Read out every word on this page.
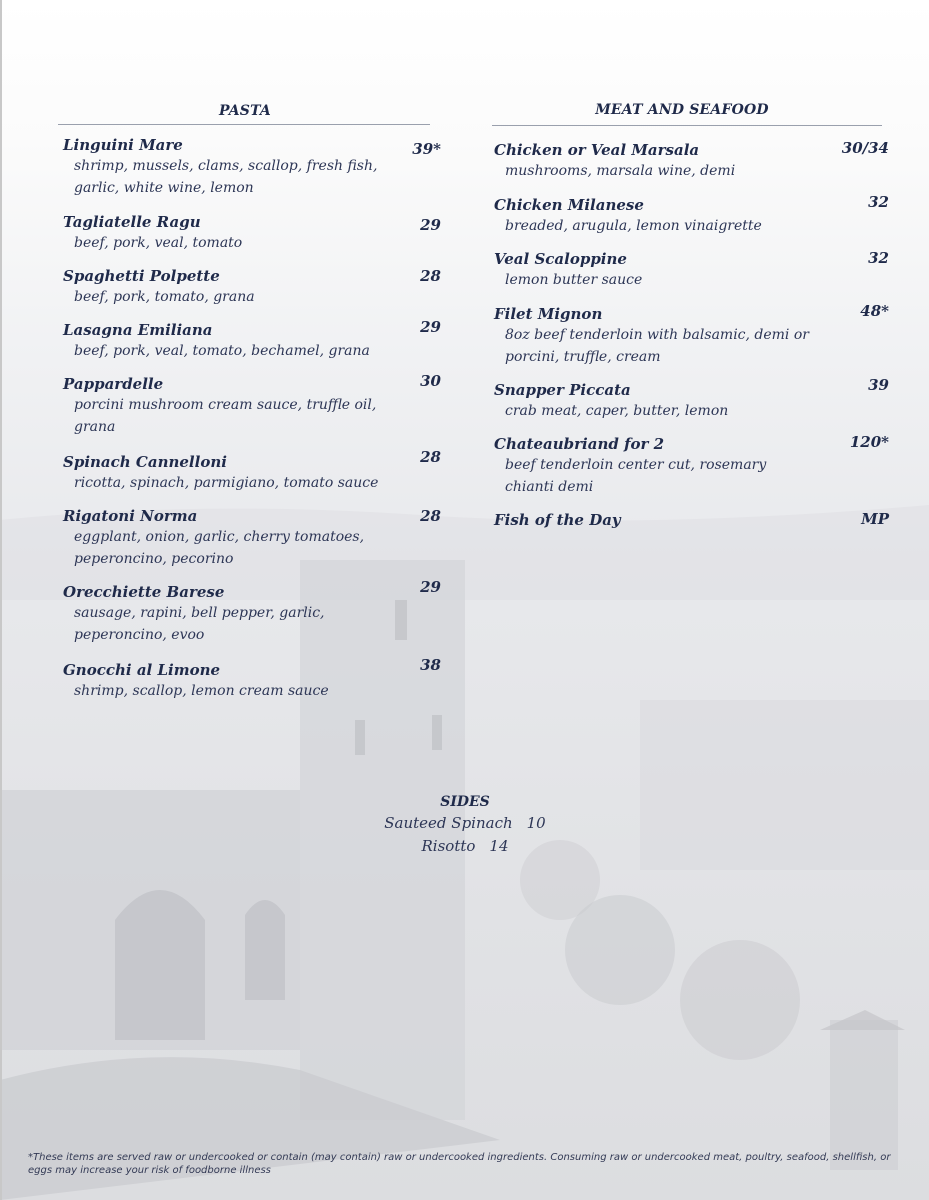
PASTA
Linguini Mare
shrimp, mussels, clams, scallop, fresh fish,
garlic, white wine, lemon
39*
Tagliatelle Ragu
beef, pork, veal, tomato
29
Spaghetti Polpette
beef, pork, tomato, grana
28
Lasagna Emiliana
beef, pork, veal, tomato, bechamel, grana
29
Pappardelle
porcini mushroom cream sauce, truffle oil,
grana
30
Spinach Cannelloni
ricotta, spinach, parmigiano, tomato sauce
28
Rigatoni Norma
eggplant, onion, garlic, cherry tomatoes,
peperoncino, pecorino
28
Orecchiette Barese
sausage, rapini, bell pepper, garlic,
peperoncino, evoo
29
Gnocchi al Limone
shrimp, scallop, lemon cream sauce
38
MEAT AND SEAFOOD
Chicken or Veal Marsala
mushrooms, marsala wine, demi
30/34
Chicken Milanese
breaded, arugula, lemon vinaigrette
32
Veal Scaloppine
lemon butter sauce
32
Filet Mignon
8oz beef tenderloin with balsamic, demi or
porcini, truffle, cream
48*
Snapper Piccata
crab meat, caper, butter, lemon
39
Chateaubriand for 2
beef tenderloin center cut, rosemary
chianti demi
120*
Fish of the Day	MP
SIDES
Sauteed Spinach 10
Risotto 14
*These items are served raw or undercooked or contain (may contain) raw or undercooked ingredients. Consuming raw or undercooked meat, poultry, seafood, shellfish, or eggs may increase your risk of foodborne illness
